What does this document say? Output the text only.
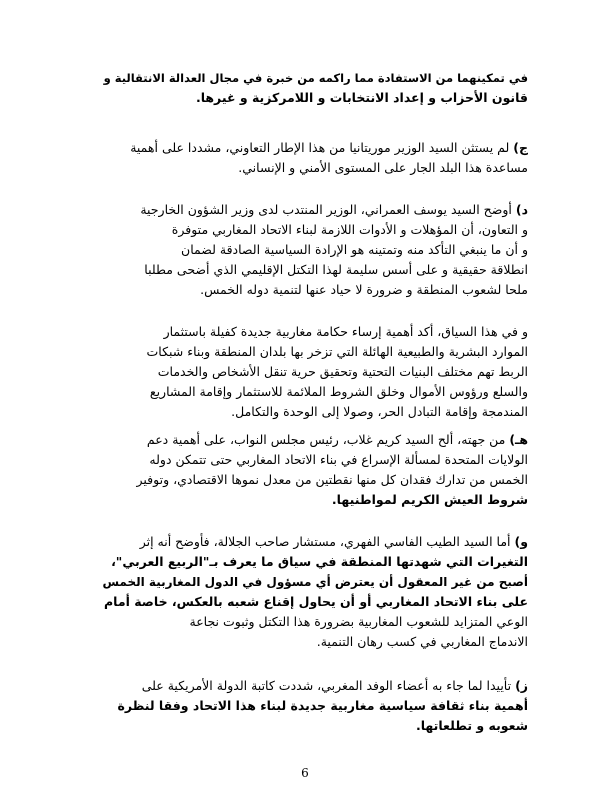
في تمكينهما من الاستفادة مما راكمه من خبرة في مجال العدالة الانتقالية و
قانون الأحزاب و إعداد الانتخابات و اللامركزية و غيرها.
ج) لم يستثن السيد الوزير موريتانيا من هذا الإطار التعاوني، مشددا على أهمية
مساعدة هذا البلد الجار على المستوى الأمني و الإنساني.
د) أوضح السيد يوسف العمراني، الوزير المنتدب لدى وزير الشؤون الخارجية
و التعاون، أن المؤهلات و الأدوات اللازمة لبناء الاتحاد المغاربي متوفرة
و أن ما ينبغي التأكد منه وتمتينه هو الإرادة السياسية الصادقة لضمان
انطلاقة حقيقية و على أسس سليمة لهذا التكتل الإقليمي الذي أضحى مطلبا
ملحا لشعوب المنطقة و ضرورة لا حياد عنها لتنمية دوله الخمس.
و في هذا السياق، أكد أهمية إرساء حكامة مغاربية جديدة كفيلة باستثمار
الموارد البشرية والطبيعية الهائلة التي تزخر بها بلدان المنطقة وبناء شبكات
الربط تهم مختلف البنيات التحتية وتحقيق حرية تنقل الأشخاص والخدمات
والسلع ورؤوس الأموال وخلق الشروط الملائمة للاستثمار وإقامة المشاريع
المندمجة وإقامة التبادل الحر، وصولا إلى الوحدة والتكامل.
هـ) من جهته، ألح السيد كريم غلاب، رئيس مجلس النواب، على أهمية دعم
الولايات المتحدة لمسألة الإسراع في بناء الاتحاد المغاربي حتى تتمكن دوله
الخمس من تدارك فقدان كل منها نقطتين من معدل نموها الاقتصادي، وتوفير
شروط العيش الكريم لمواطنيها.
و) أما السيد الطيب الفاسي الفهري، مستشار صاحب الجلالة، فأوضح أنه إثر
التغيرات التي شهدتها المنطقة في سياق ما يعرف بـ"الربيع العربي"،
أصبح من غير المعقول أن يعترض أي مسؤول في الدول المغاربية الخمس
على بناء الاتحاد المغاربي أو أن يحاول إقناع شعبه بالعكس، خاصة أمام
الوعي المتزايد للشعوب المغاربية بضرورة هذا التكتل وثبوت نجاعة
الاندماج المغاربي في كسب رهان التنمية.
ز) تأييدا لما جاء به أعضاء الوفد المغربي، شددت كاتبة الدولة الأمريكية على
أهمية بناء ثقافة سياسية مغاربية جديدة لبناء هذا الاتحاد وفقا لنظرة
شعوبه و تطلعاتها.
6
